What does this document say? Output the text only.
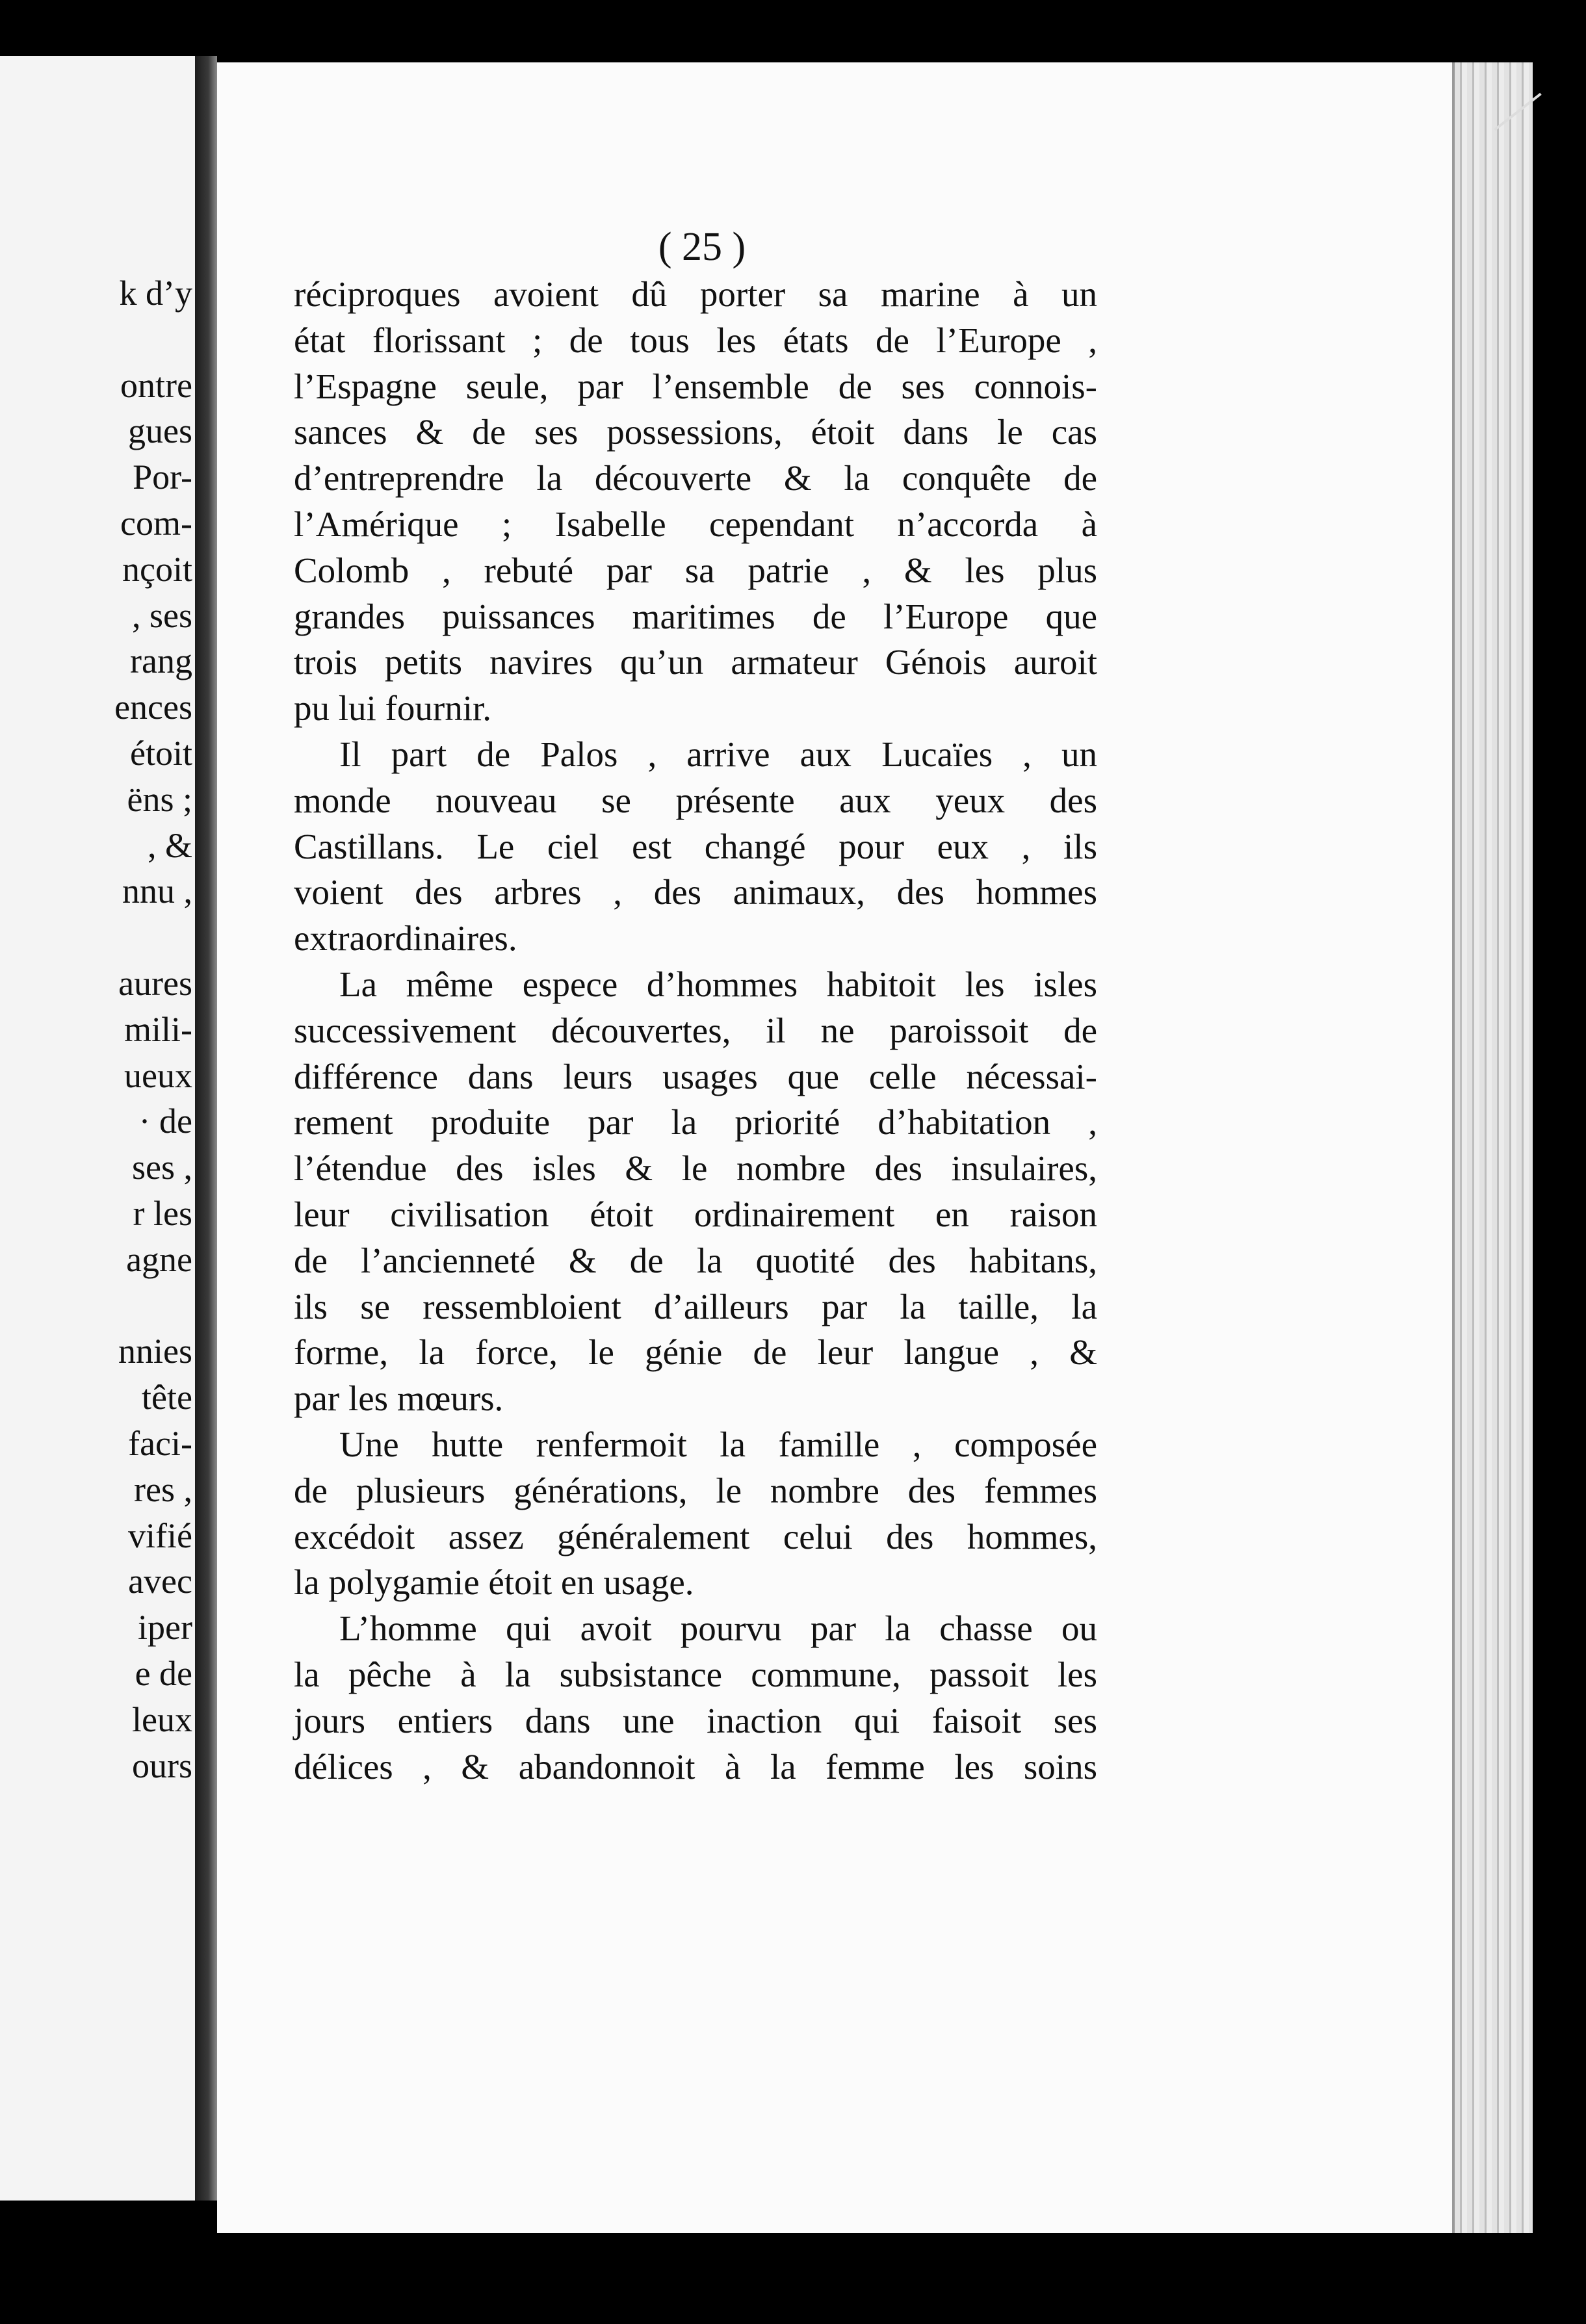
k d’y
ontre
gues
Por-
com-
nçoit
, ses
rang
ences
étoit
ëns ;
, &
nnu ,
aures
mili-
ueux
· de
ses ,
r les
agne
nnies
tête
faci-
res ,
vifié
avec
iper
e de
leux
ours
( 25 )
réciproques avoient dû porter sa marine à un
état florissant ; de tous les états de l’Europe ,
l’Espagne seule, par l’ensemble de ses connois-
sances & de ses possessions, étoit dans le cas
d’entreprendre la découverte & la conquête de
l’Amérique ; Isabelle cependant n’accorda à
Colomb , rebuté par sa patrie , & les plus
grandes puissances maritimes de l’Europe que
trois petits navires qu’un armateur Génois auroit
pu lui fournir.
Il part de Palos , arrive aux Lucaïes , un
monde nouveau se présente aux yeux des
Castillans. Le ciel est changé pour eux , ils
voient des arbres , des animaux, des hommes
extraordinaires.
La même espece d’hommes habitoit les isles
successivement découvertes, il ne paroissoit de
différence dans leurs usages que celle nécessai-
rement produite par la priorité d’habitation ,
l’étendue des isles & le nombre des insulaires,
leur civilisation étoit ordinairement en raison
de l’ancienneté & de la quotité des habitans,
ils se ressembloient d’ailleurs par la taille, la
forme, la force, le génie de leur langue , &
par les mœurs.
Une hutte renfermoit la famille , composée
de plusieurs générations, le nombre des femmes
excédoit assez généralement celui des hommes,
la polygamie étoit en usage.
L’homme qui avoit pourvu par la chasse ou
la pêche à la subsistance commune, passoit les
jours entiers dans une inaction qui faisoit ses
délices , & abandonnoit à la femme les soins
